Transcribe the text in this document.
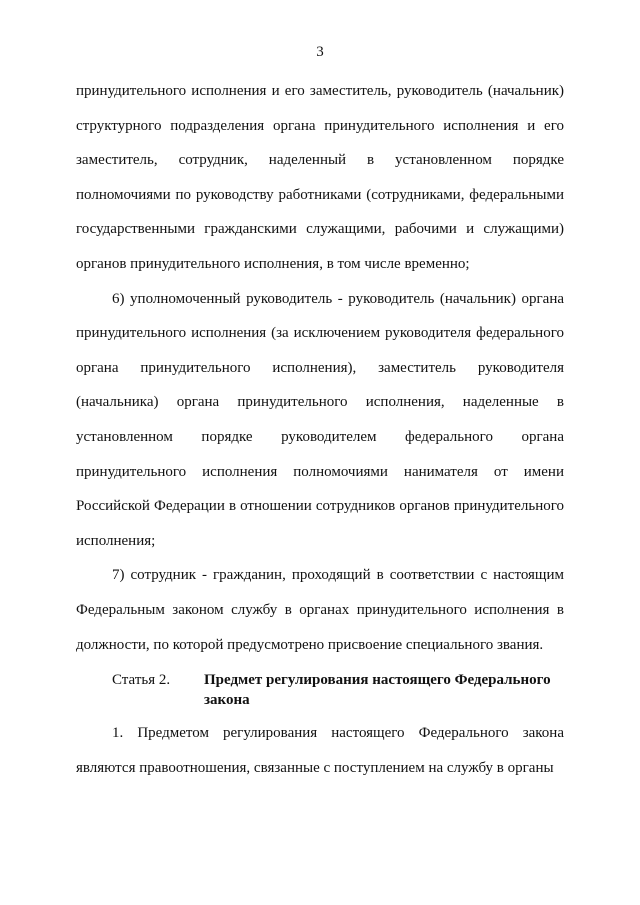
3

принудительного исполнения и его заместитель, руководитель (начальник) структурного подразделения органа принудительного исполнения и его заместитель, сотрудник, наделенный в установленном порядке полномочиями по руководству работниками (сотрудниками, федеральными государственными гражданскими служащими, рабочими и служащими) органов принудительного исполнения, в том числе временно;

6) уполномоченный руководитель - руководитель (начальник) органа принудительного исполнения (за исключением руководителя федерального органа принудительного исполнения), заместитель руководителя (начальника) органа принудительного исполнения, наделенные в установленном порядке руководителем федерального органа принудительного исполнения полномочиями нанимателя от имени Российской Федерации в отношении сотрудников органов принудительного исполнения;

7) сотрудник - гражданин, проходящий в соответствии с настоящим Федеральным законом службу в органах принудительного исполнения в должности, по которой предусмотрено присвоение специального звания.

Статья 2.	Предмет регулирования настоящего Федерального закона

1. Предметом регулирования настоящего Федерального закона являются правоотношения, связанные с поступлением на службу в органы
